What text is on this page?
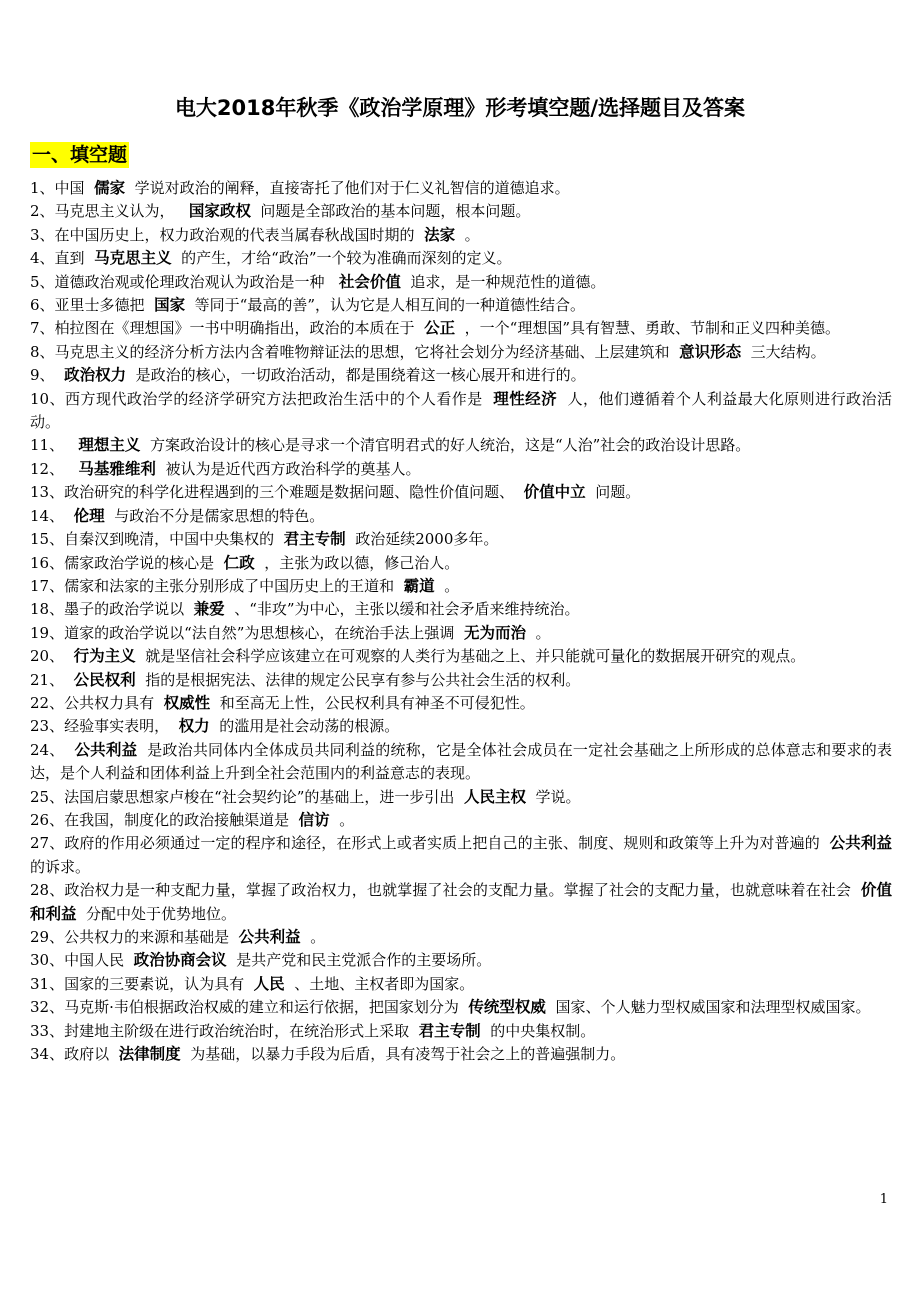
电大2018年秋季《政治学原理》形考填空题/选择题目及答案
一、填空题

1、中国  儒家  学说对政治的阐释，直接寄托了他们对于仁义礼智信的道德追求。

2、马克思主义认为，   国家政权  问题是全部政治的基本问题，根本问题。

3、在中国历史上，权力政治观的代表当属春秋战国时期的  法家  。

4、直到  马克思主义  的产生，才给“政治”一个较为准确而深刻的定义。

5、道德政治观或伦理政治观认为政治是一种   社会价值  追求，是一种规范性的道德。

6、亚里士多德把  国家  等同于“最高的善”，认为它是人相互间的一种道德性结合。

7、柏拉图在《理想国》一书中明确指出，政治的本质在于  公正  ，一个“理想国”具有智慧、勇敢、节制和正义四种美德。

8、马克思主义的经济分析方法内含着唯物辩证法的思想，它将社会划分为经济基础、上层建筑和  意识形态  三大结构。

9、 政治权力  是政治的核心，一切政治活动，都是围绕着这一核心展开和进行的。

10、西方现代政治学的经济学研究方法把政治生活中的个人看作是  理性经济  人，他们遵循着个人利益最大化原则进行政治活动。

11、 理想主义  方案政治设计的核心是寻求一个清官明君式的好人统治，这是“人治”社会的政治设计思路。

12、 马基雅维利  被认为是近代西方政治科学的奠基人。

13、政治研究的科学化进程遇到的三个难题是数据问题、隐性价值问题、  价值中立  问题。

14、 伦理  与政治不分是儒家思想的特色。

15、自秦汉到晚清，中国中央集权的  君主专制  政治延续2000多年。

16、儒家政治学说的核心是  仁政  ，主张为政以德，修己治人。

17、儒家和法家的主张分别形成了中国历史上的王道和  霸道  。

18、墨子的政治学说以  兼爱  、“非攻”为中心，主张以缓和社会矛盾来维持统治。

19、道家的政治学说以“法自然”为思想核心，在统治手法上强调  无为而治  。

20、 行为主义  就是坚信社会科学应该建立在可观察的人类行为基础之上、并只能就可量化的数据展开研究的观点。

21、 公民权利  指的是根据宪法、法律的规定公民享有参与公共社会生活的权利。

22、公共权力具有  权威性  和至高无上性，公民权利具有神圣不可侵犯性。

23、经验事实表明，  权力  的滥用是社会动荡的根源。

24、 公共利益  是政治共同体内全体成员共同利益的统称，它是全体社会成员在一定社会基础之上所形成的总体意志和要求的表达，是个人利益和团体利益上升到全社会范围内的利益意志的表现。

25、法国启蒙思想家卢梭在“社会契约论”的基础上，进一步引出  人民主权  学说。

26、在我国，制度化的政治接触渠道是  信访  。

27、政府的作用必须通过一定的程序和途径，在形式上或者实质上把自己的主张、制度、规则和政策等上升为对普遍的  公共利益  的诉求。

28、政治权力是一种支配力量，掌握了政治权力，也就掌握了社会的支配力量。掌握了社会的支配力量，也就意味着在社会  价值和利益  分配中处于优势地位。

29、公共权力的来源和基础是  公共利益  。

30、中国人民  政治协商会议  是共产党和民主党派合作的主要场所。

31、国家的三要素说，认为具有  人民  、土地、主权者即为国家。

32、马克斯·韦伯根据政治权威的建立和运行依据，把国家划分为  传统型权威  国家、个人魅力型权威国家和法理型权威国家。

33、封建地主阶级在进行政治统治时，在统治形式上采取  君主专制  的中央集权制。

34、政府以  法律制度  为基础，以暴力手段为后盾，具有凌驾于社会之上的普遍强制力。

1
